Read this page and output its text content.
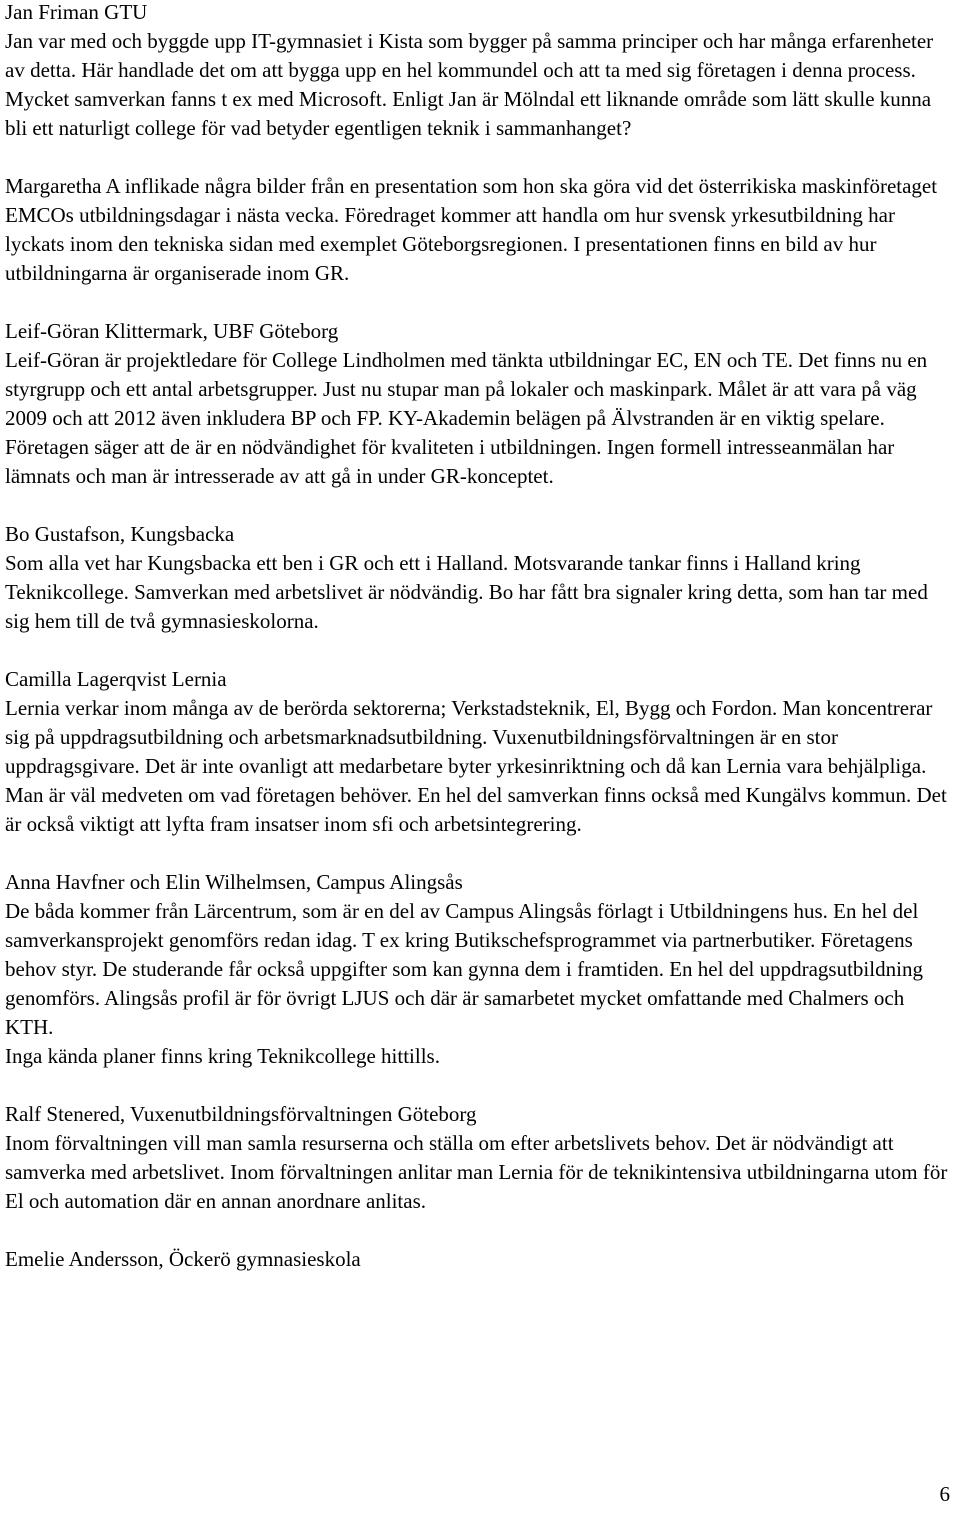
Jan Friman GTU

Jan var med och byggde upp IT-gymnasiet i Kista som bygger på samma principer och har många erfarenheter av detta. Här handlade det om att bygga upp en hel kommundel och att ta med sig företagen i denna process. Mycket samverkan fanns t ex med Microsoft. Enligt Jan är Mölndal ett liknande område som lätt skulle kunna bli ett naturligt college för vad betyder egentligen teknik i sammanhanget?

Margaretha A inflikade några bilder från en presentation som hon ska göra vid det österrikiska maskinföretaget EMCOs utbildningsdagar i nästa vecka. Föredraget kommer att handla om hur svensk yrkesutbildning har lyckats inom den tekniska sidan med exemplet Göteborgsregionen. I presentationen finns en bild av hur utbildningarna är organiserade inom GR.

Leif-Göran Klittermark, UBF Göteborg

Leif-Göran är projektledare för College Lindholmen med tänkta utbildningar EC, EN och TE. Det finns nu en styrgrupp och ett antal arbetsgrupper. Just nu stupar man på lokaler och maskinpark. Målet är att vara på väg 2009 och att 2012 även inkludera BP och FP. KY-Akademin belägen på Älvstranden är en viktig spelare. Företagen säger att de är en nödvändighet för kvaliteten i utbildningen. Ingen formell intresseanmälan har lämnats och man är intresserade av att gå in under GR-konceptet.

Bo Gustafson, Kungsbacka

Som alla vet har Kungsbacka ett ben i GR och ett i Halland. Motsvarande tankar finns i Halland kring Teknikcollege. Samverkan med arbetslivet är nödvändig. Bo har fått bra signaler kring detta, som han tar med sig hem till de två gymnasieskolorna.

Camilla Lagerqvist Lernia

Lernia verkar inom många av de berörda sektorerna; Verkstadsteknik, El, Bygg och Fordon. Man koncentrerar sig på uppdragsutbildning och arbetsmarknadsutbildning. Vuxenutbildningsförvaltningen är en stor uppdragsgivare. Det är inte ovanligt att medarbetare byter yrkesinriktning och då kan Lernia vara behjälpliga. Man är väl medveten om vad företagen behöver. En hel del samverkan finns också med Kungälvs kommun. Det är också viktigt att lyfta fram insatser inom sfi och arbetsintegrering.

Anna Havfner och Elin Wilhelmsen, Campus Alingsås

De båda kommer från Lärcentrum, som är en del av Campus Alingsås förlagt i Utbildningens hus. En hel del samverkansprojekt genomförs redan idag. T ex kring Butikschefsprogrammet via partnerbutiker. Företagens behov styr. De studerande får också uppgifter som kan gynna dem i framtiden. En hel del uppdragsutbildning genomförs. Alingsås profil är för övrigt LJUS och där är samarbetet mycket omfattande med Chalmers och KTH.

Inga kända planer finns kring Teknikcollege hittills.

Ralf Stenered, Vuxenutbildningsförvaltningen Göteborg

Inom förvaltningen vill man samla resurserna och ställa om efter arbetslivets behov. Det är nödvändigt att samverka med arbetslivet. Inom förvaltningen anlitar man Lernia för de teknikintensiva utbildningarna utom för El och automation där en annan anordnare anlitas.

Emelie Andersson, Öckerö gymnasieskola

6
